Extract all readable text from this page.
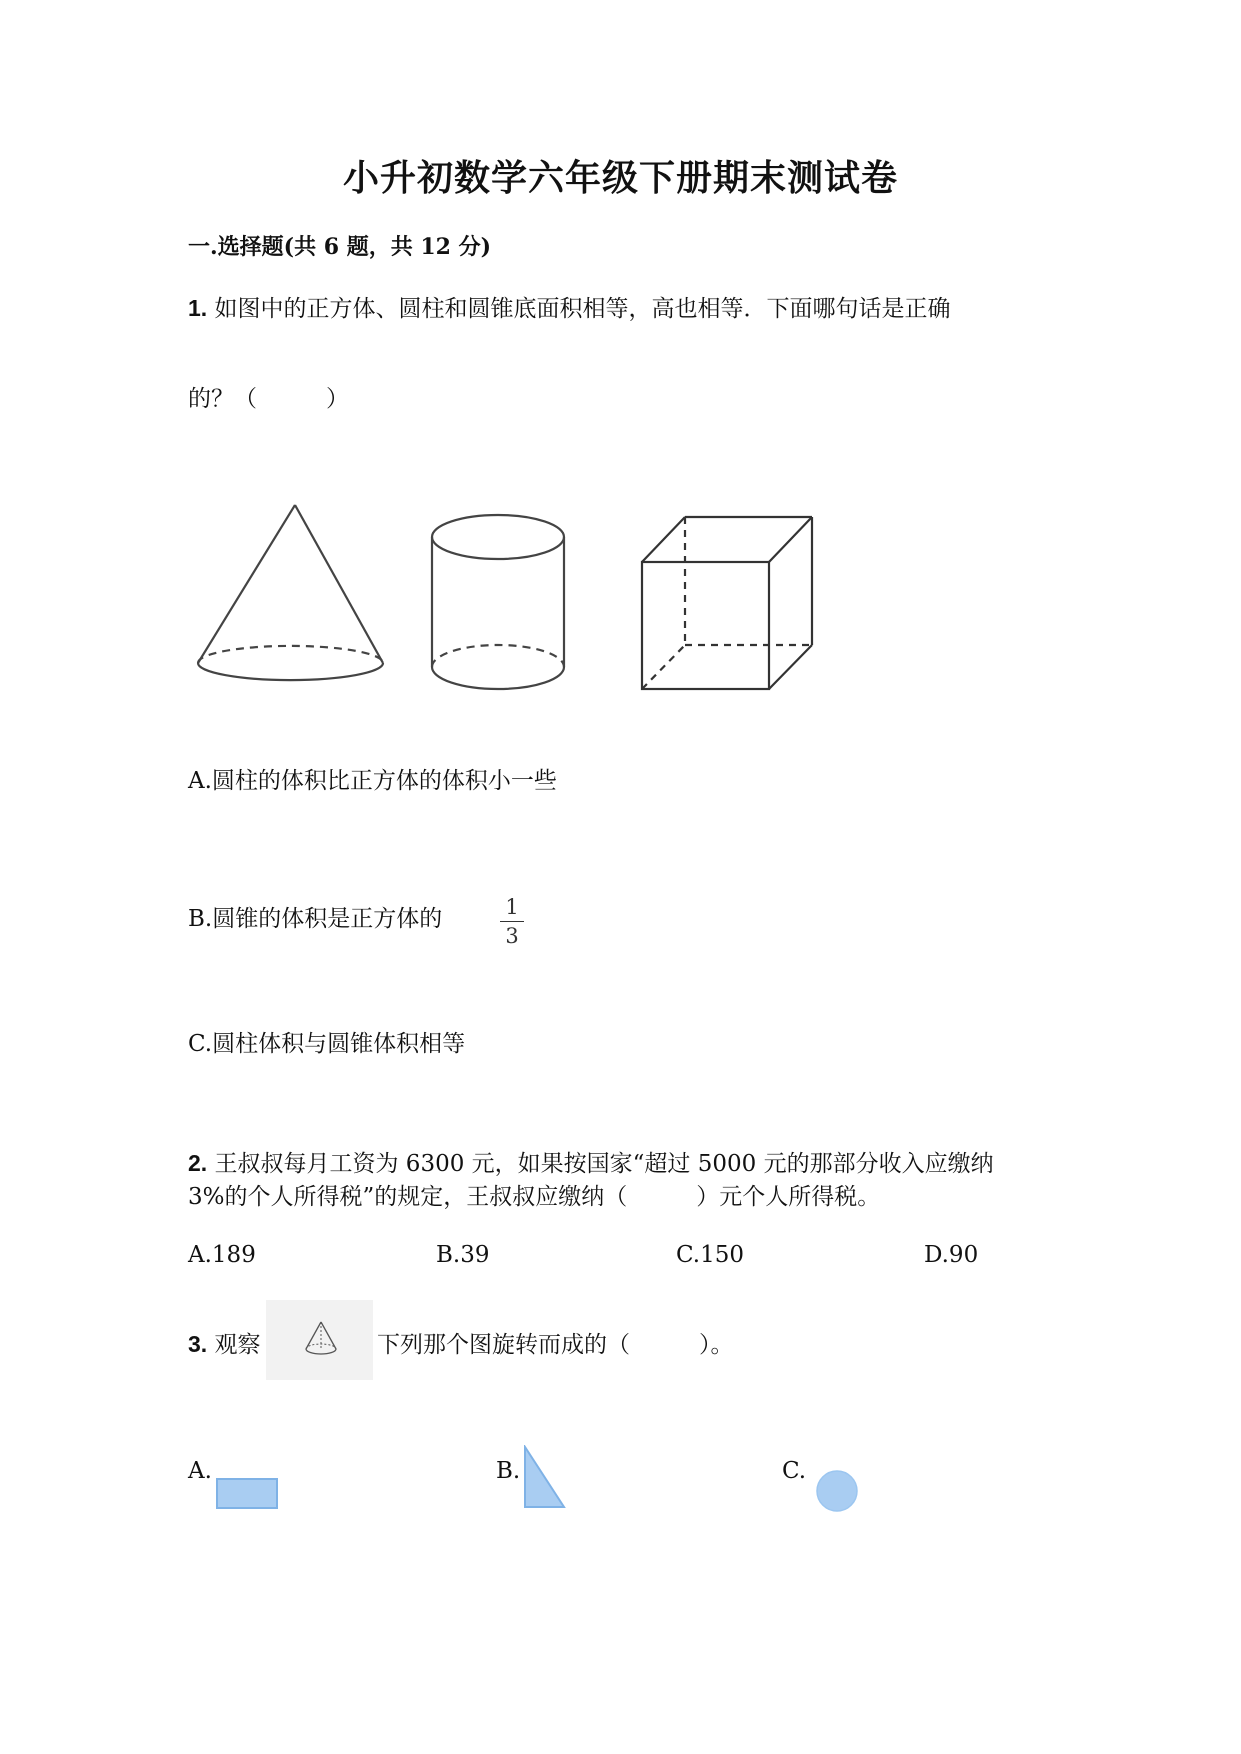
小升初数学六年级下册期末测试卷
一.选择题(共 6 题，共 12 分)
1. 如图中的正方体、圆柱和圆锥底面积相等，高也相等．下面哪句话是正确
的？（　　　）
A.圆柱的体积比正方体的体积小一些
B.圆锥的体积是正方体的	1
3
C.圆柱体积与圆锥体积相等
2. 王叔叔每月工资为 6300 元，如果按国家“超过 5000 元的那部分收入应缴纳
3%的个人所得税”的规定，王叔叔应缴纳（　　　）元个人所得税。
A.189	B.39	C.150	D.90
3. 观察	下列那个图旋转而成的（　　　）。
A.	B.	C.
